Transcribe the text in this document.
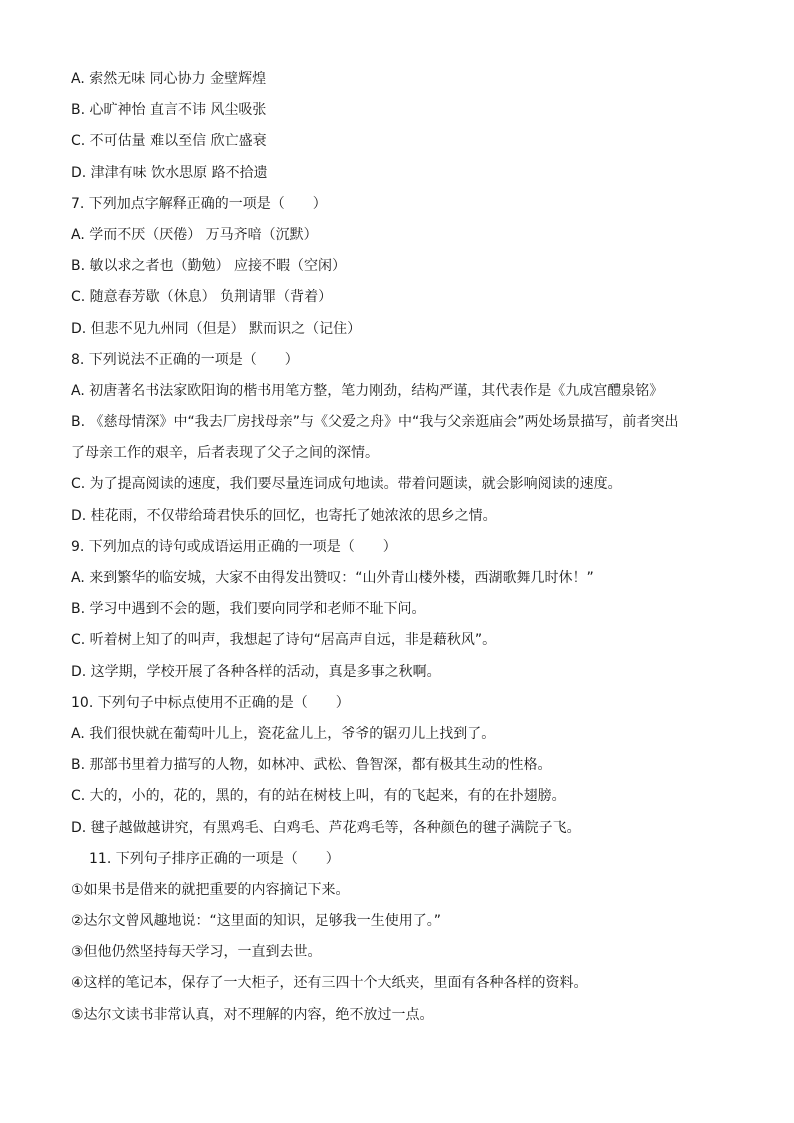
A. 索然无味 同心协力 金壁辉煌
B. 心旷神怡 直言不讳 风尘吸张
C. 不可估量 难以至信 欣亡盛衰
D. 津津有味 饮水思原 路不拾遗
7. 下列加点字解释正确的一项是（　　）
A. 学而不厌（厌倦） 万马齐喑（沉默）
B. 敏以求之者也（勤勉） 应接不暇（空闲）
C. 随意春芳歇（休息） 负荆请罪（背着）
D. 但悲不见九州同（但是） 默而识之（记住）
8. 下列说法不正确的一项是（　　）
A. 初唐著名书法家欧阳询的楷书用笔方整，笔力刚劲，结构严谨，其代表作是《九成宫醴泉铭》
B. 《慈母情深》中“我去厂房找母亲”与《父爱之舟》中“我与父亲逛庙会”两处场景描写，前者突出
了母亲工作的艰辛，后者表现了父子之间的深情。
C. 为了提高阅读的速度，我们要尽量连词成句地读。带着问题读，就会影响阅读的速度。
D. 桂花雨，不仅带给琦君快乐的回忆，也寄托了她浓浓的思乡之情。
9. 下列加点的诗句或成语运用正确的一项是（　　）
A. 来到繁华的临安城，大家不由得发出赞叹：“山外青山楼外楼，西湖歌舞几时休！”
B. 学习中遇到不会的题，我们要向同学和老师不耻下问。
C. 听着树上知了的叫声，我想起了诗句“居高声自远，非是藉秋风”。
D. 这学期，学校开展了各种各样的活动，真是多事之秋啊。
10. 下列句子中标点使用不正确的是（　　）
A. 我们很快就在葡萄叶儿上，瓷花盆儿上，爷爷的锯刃儿上找到了。
B. 那部书里着力描写的人物，如林冲、武松、鲁智深，都有极其生动的性格。
C. 大的，小的，花的，黑的，有的站在树枝上叫，有的飞起来，有的在扑翅膀。
D. 毽子越做越讲究，有黑鸡毛、白鸡毛、芦花鸡毛等，各种颜色的毽子满院子飞。
11. 下列句子排序正确的一项是（　　）
①如果书是借来的就把重要的内容摘记下来。
②达尔文曾风趣地说：“这里面的知识，足够我一生使用了。”
③但他仍然坚持每天学习，一直到去世。
④这样的笔记本，保存了一大柜子，还有三四十个大纸夹，里面有各种各样的资料。
⑤达尔文读书非常认真，对不理解的内容，绝不放过一点。
